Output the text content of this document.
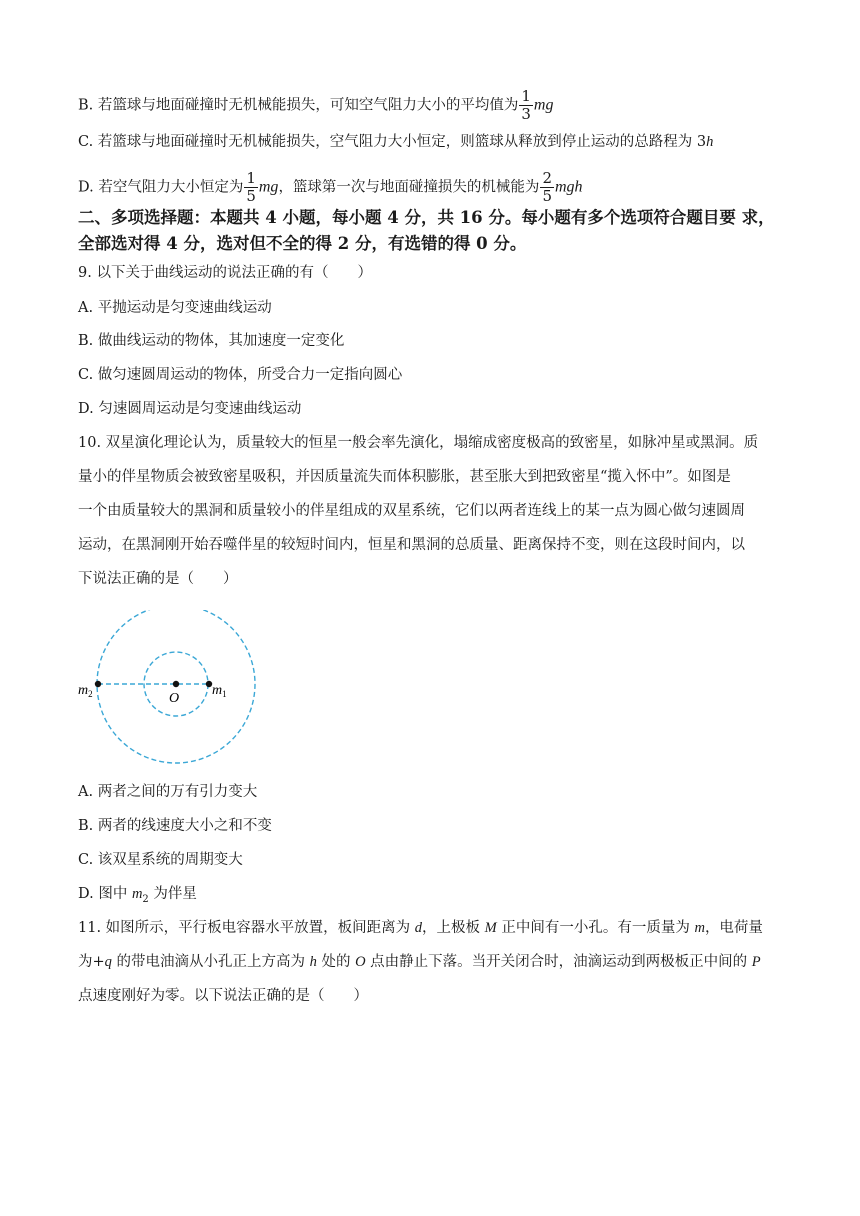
B. 若篮球与地面碰撞时无机械能损失，可知空气阻力大小的平均值为 $\frac{1}{3}$ mg
C. 若篮球与地面碰撞时无机械能损失，空气阻力大小恒定，则篮球从释放到停止运动的总路程为 3h
D. 若空气阻力大小恒定为 $\frac{1}{5}$ mg，篮球第一次与地面碰撞损失的机械能为 $\frac{2}{5}$ mgh
二、多项选择题：本题共 4 小题，每小题 4 分，共 16 分。每小题有多个选项符合题目要 求，
全部选对得 4 分，选对但不全的得 2 分，有选错的得 0 分。
9. 以下关于曲线运动的说法正确的有（　　）
A. 平抛运动是匀变速曲线运动
B. 做曲线运动的物体，其加速度一定变化
C. 做匀速圆周运动的物体，所受合力一定指向圆心
D. 匀速圆周运动是匀变速曲线运动
10. 双星演化理论认为，质量较大的恒星一般会率先演化，塌缩成密度极高的致密星，如脉冲星或黑洞。质
量小的伴星物质会被致密星吸积，并因质量流失而体积膨胀，甚至胀大到把致密星“揽入怀中”。如图是
一个由质量较大的黑洞和质量较小的伴星组成的双星系统，它们以两者连线上的某一点为圆心做匀速圆周
运动，在黑洞刚开始吞噬伴星的较短时间内，恒星和黑洞的总质量、距离保持不变，则在这段时间内，以
下说法正确的是（　　）
$m_2$	O
$m_1$
A. 两者之间的万有引力变大
B. 两者的线速度大小之和不变
C. 该双星系统的周期变大
D. 图中 $m_2$ 为伴星
11. 如图所示，平行板电容器水平放置，板间距离为 d，上极板 M 正中间有一小孔。有一质量为 m，电荷量
为+q 的带电油滴从小孔正上方高为 h 处的 O 点由静止下落。当开关闭合时，油滴运动到两极板正中间的 P
点速度刚好为零。以下说法正确的是（　　）
